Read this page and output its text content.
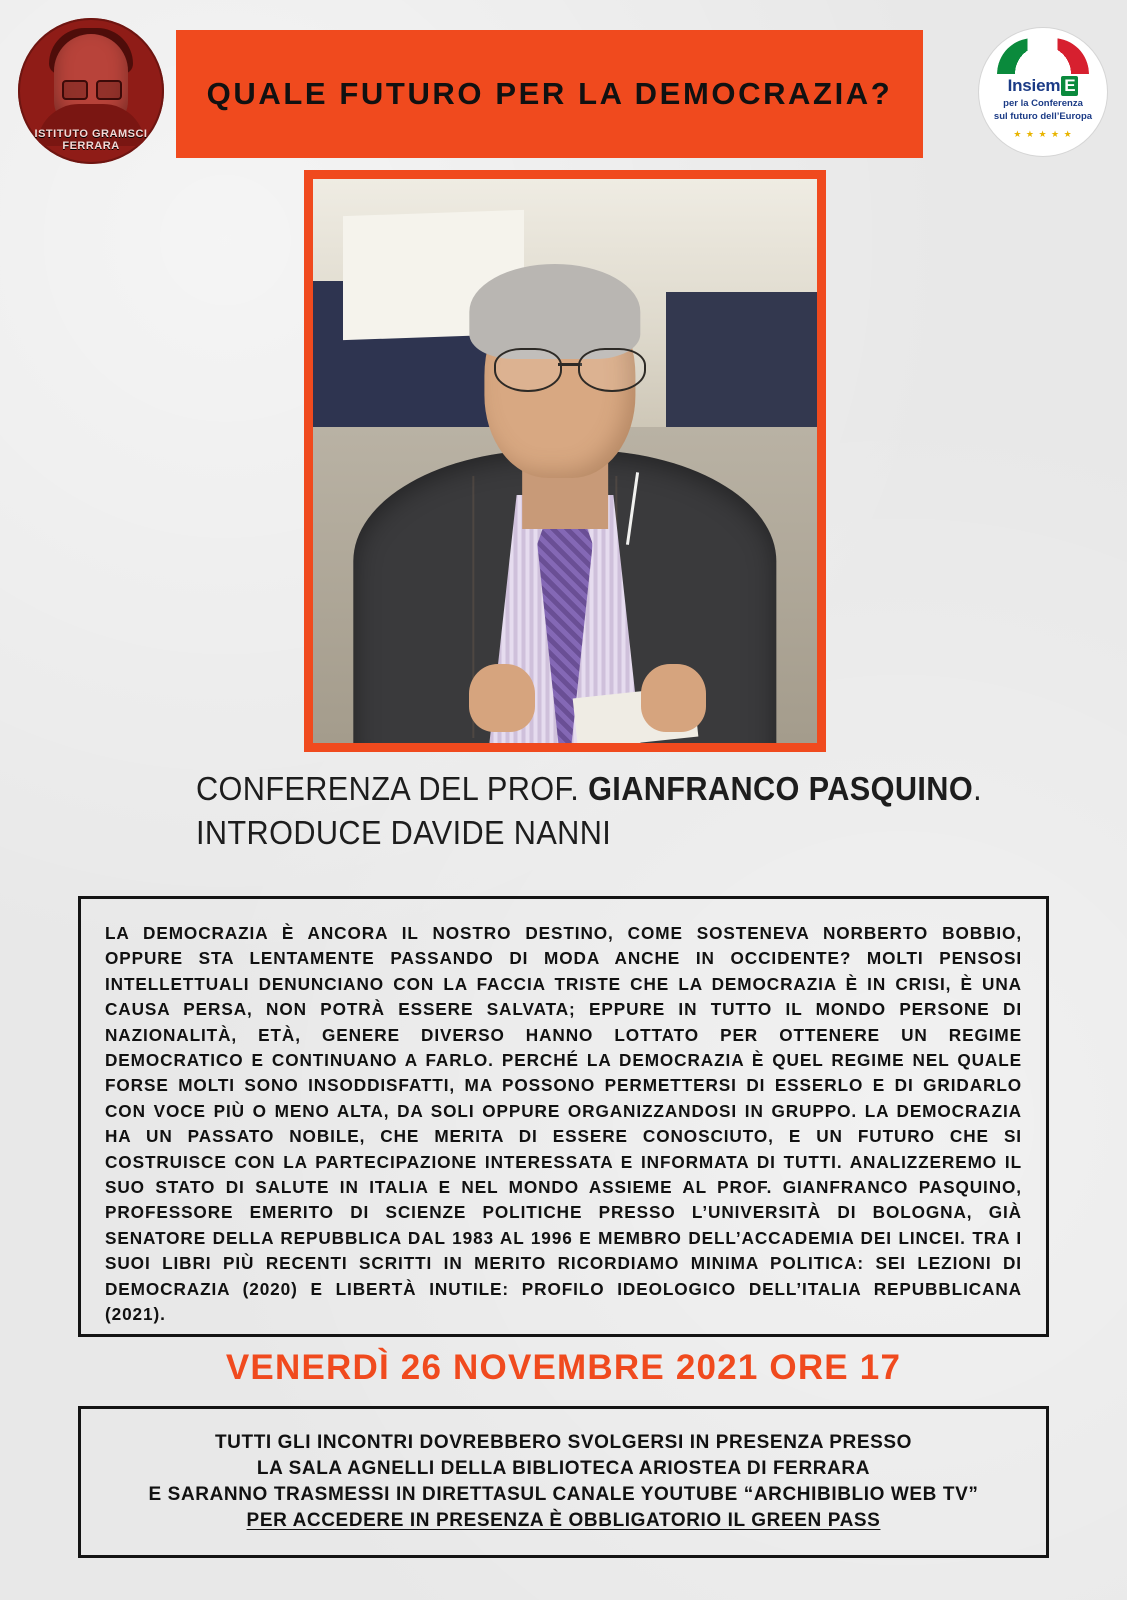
ISTITUTO GRAMSCI
FERRARA
QUALE FUTURO PER LA DEMOCRAZIA?	Insiem E
per la Conferenza
sul futuro dell’Europa
★ ★ ★ ★ ★
CONFERENZA DEL PROF. GIANFRANCO PASQUINO.
INTRODUCE DAVIDE NANNI

LA DEMOCRAZIA È ANCORA IL NOSTRO DESTINO, COME SOSTENEVA NORBERTO BOBBIO, OPPURE STA LENTAMENTE PASSANDO DI MODA ANCHE IN OCCIDENTE? MOLTI PENSOSI INTELLETTUALI DENUNCIANO CON LA FACCIA TRISTE CHE LA DEMOCRAZIA È IN CRISI, È UNA CAUSA PERSA, NON POTRÀ ESSERE SALVATA; EPPURE IN TUTTO IL MONDO PERSONE DI NAZIONALITÀ, ETÀ, GENERE DIVERSO HANNO LOTTATO PER OTTENERE UN REGIME DEMOCRATICO E CONTINUANO A FARLO. PERCHÉ LA DEMOCRAZIA È QUEL REGIME NEL QUALE FORSE MOLTI SONO INSODDISFATTI, MA POSSONO PERMETTERSI DI ESSERLO E DI GRIDARLO CON VOCE PIÙ O MENO ALTA, DA SOLI OPPURE ORGANIZZANDOSI IN GRUPPO. LA DEMOCRAZIA HA UN PASSATO NOBILE, CHE MERITA DI ESSERE CONOSCIUTO, E UN FUTURO CHE SI COSTRUISCE CON LA PARTECIPAZIONE INTERESSATA E INFORMATA DI TUTTI. ANALIZZEREMO IL SUO STATO DI SALUTE IN ITALIA E NEL MONDO ASSIEME AL PROF. GIANFRANCO PASQUINO, PROFESSORE EMERITO DI SCIENZE POLITICHE PRESSO L’UNIVERSITÀ DI BOLOGNA, GIÀ SENATORE DELLA REPUBBLICA DAL 1983 AL 1996 E MEMBRO DELL’ACCADEMIA DEI LINCEI. TRA I SUOI LIBRI PIÙ RECENTI SCRITTI IN MERITO RICORDIAMO MINIMA POLITICA: SEI LEZIONI DI DEMOCRAZIA (2020) E LIBERTÀ INUTILE: PROFILO IDEOLOGICO DELL’ITALIA REPUBBLICANA (2021).

VENERDÌ 26 NOVEMBRE 2021 ORE 17
TUTTI GLI INCONTRI DOVREBBERO SVOLGERSI IN PRESENZA PRESSO
LA SALA AGNELLI DELLA BIBLIOTECA ARIOSTEA DI FERRARA
E SARANNO TRASMESSI IN DIRETTASUL CANALE YOUTUBE “ARCHIBIBLIO WEB TV”
PER ACCEDERE IN PRESENZA È OBBLIGATORIO IL GREEN PASS
